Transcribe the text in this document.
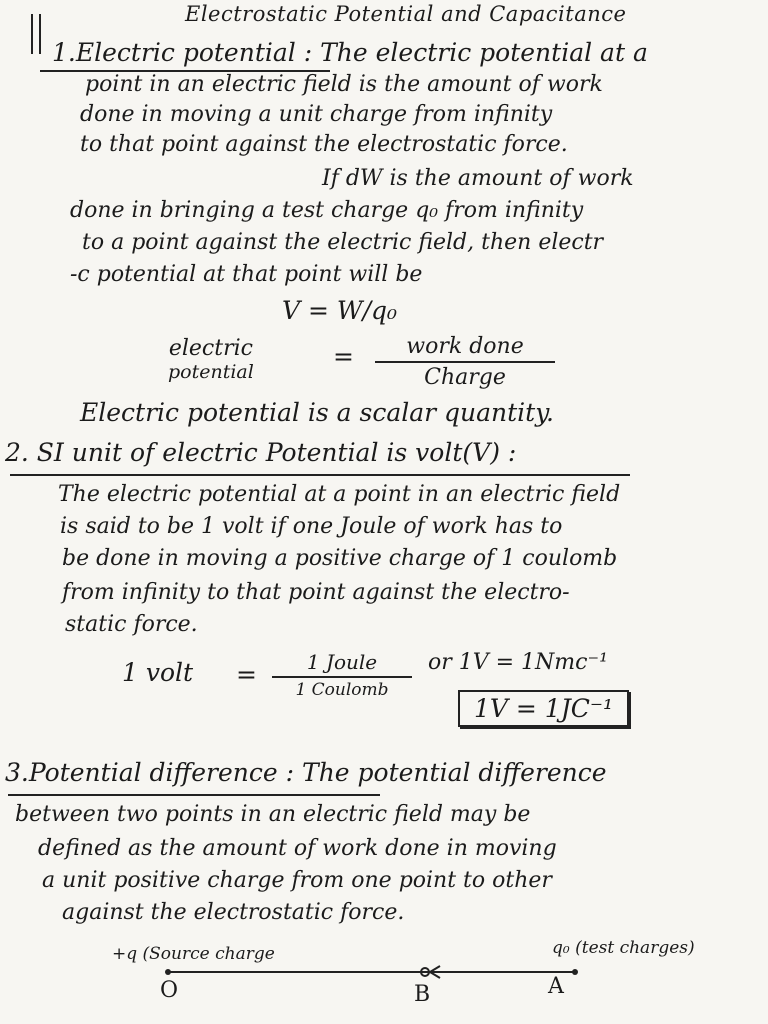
Electrostatic Potential and Capacitance
1.Electric potential : The electric potential at a
point in an electric field is the amount of work
done in moving a unit charge from infinity
to that point against the electrostatic force.
If dW is the amount of work
done in bringing a test charge q₀ from infinity
to a point against the electric field, then electr
-c potential at that point will be
V = W/q₀
electric
potential
=	work done
Charge
Electric potential is a scalar quantity.
2. SI unit of electric Potential is volt(V) :
The electric potential at a point in an electric field
is said to be 1 volt if one Joule of work has to
be done in moving a positive charge of 1 coulomb
from infinity to that point against the electro-
static force.
1 volt =	1 Joule
1 Coulomb
or 1V = 1Nmc⁻¹
1V = 1JC⁻¹
3.Potential difference : The potential difference
between two points in an electric field may be
defined as the amount of work done in moving
a unit positive charge from one point to other
against the electrostatic force.
+q (Source charge	q₀ (test charges)
O	B	A
